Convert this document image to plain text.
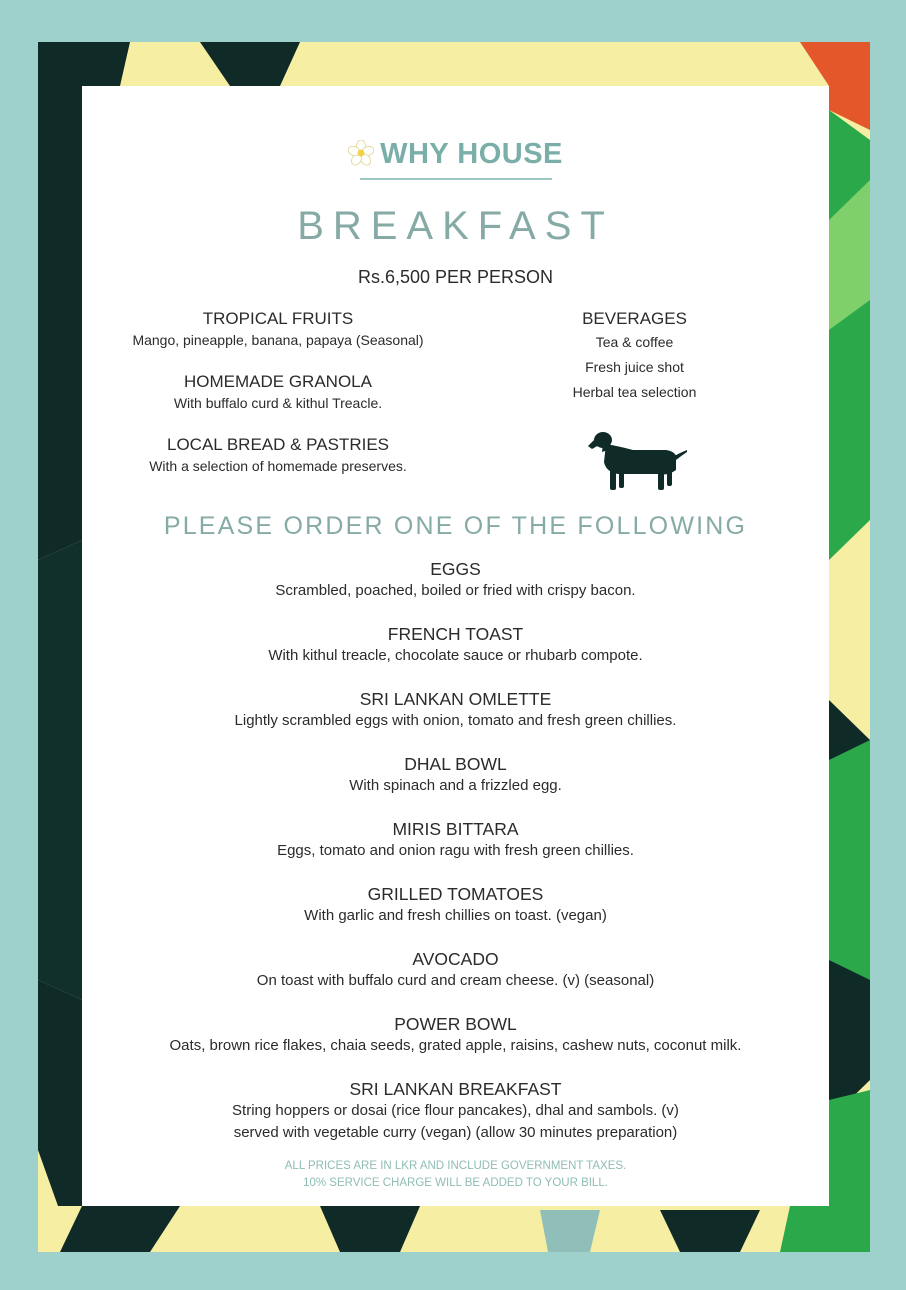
WHY HOUSE
BREAKFAST
Rs.6,500 PER PERSON
TROPICAL FRUITS
Mango, pineapple, banana, papaya (Seasonal)
HOMEMADE GRANOLA
With buffalo curd & kithul Treacle.
LOCAL BREAD & PASTRIES
With a selection of homemade preserves.
BEVERAGES
Tea & coffee
Fresh juice shot
Herbal tea selection
PLEASE ORDER ONE OF THE FOLLOWING
EGGS
Scrambled, poached, boiled or fried with crispy bacon.
FRENCH TOAST
With kithul treacle, chocolate sauce or rhubarb compote.
SRI LANKAN OMLETTE
Lightly scrambled eggs with onion, tomato and fresh green chillies.
DHAL BOWL
With spinach and a frizzled egg.
MIRIS BITTARA
Eggs, tomato and onion ragu with fresh green chillies.
GRILLED TOMATOES
With garlic and fresh chillies on toast. (vegan)
AVOCADO
On toast with buffalo curd and cream cheese. (v) (seasonal)
POWER BOWL
Oats, brown rice flakes, chaia seeds, grated apple, raisins, cashew nuts, coconut milk.
SRI LANKAN BREAKFAST
String hoppers or dosai (rice flour pancakes), dhal and sambols. (v)
served with vegetable curry (vegan) (allow 30 minutes preparation)
ALL PRICES ARE IN LKR AND INCLUDE GOVERNMENT TAXES.
10% SERVICE CHARGE WILL BE ADDED TO YOUR BILL.
